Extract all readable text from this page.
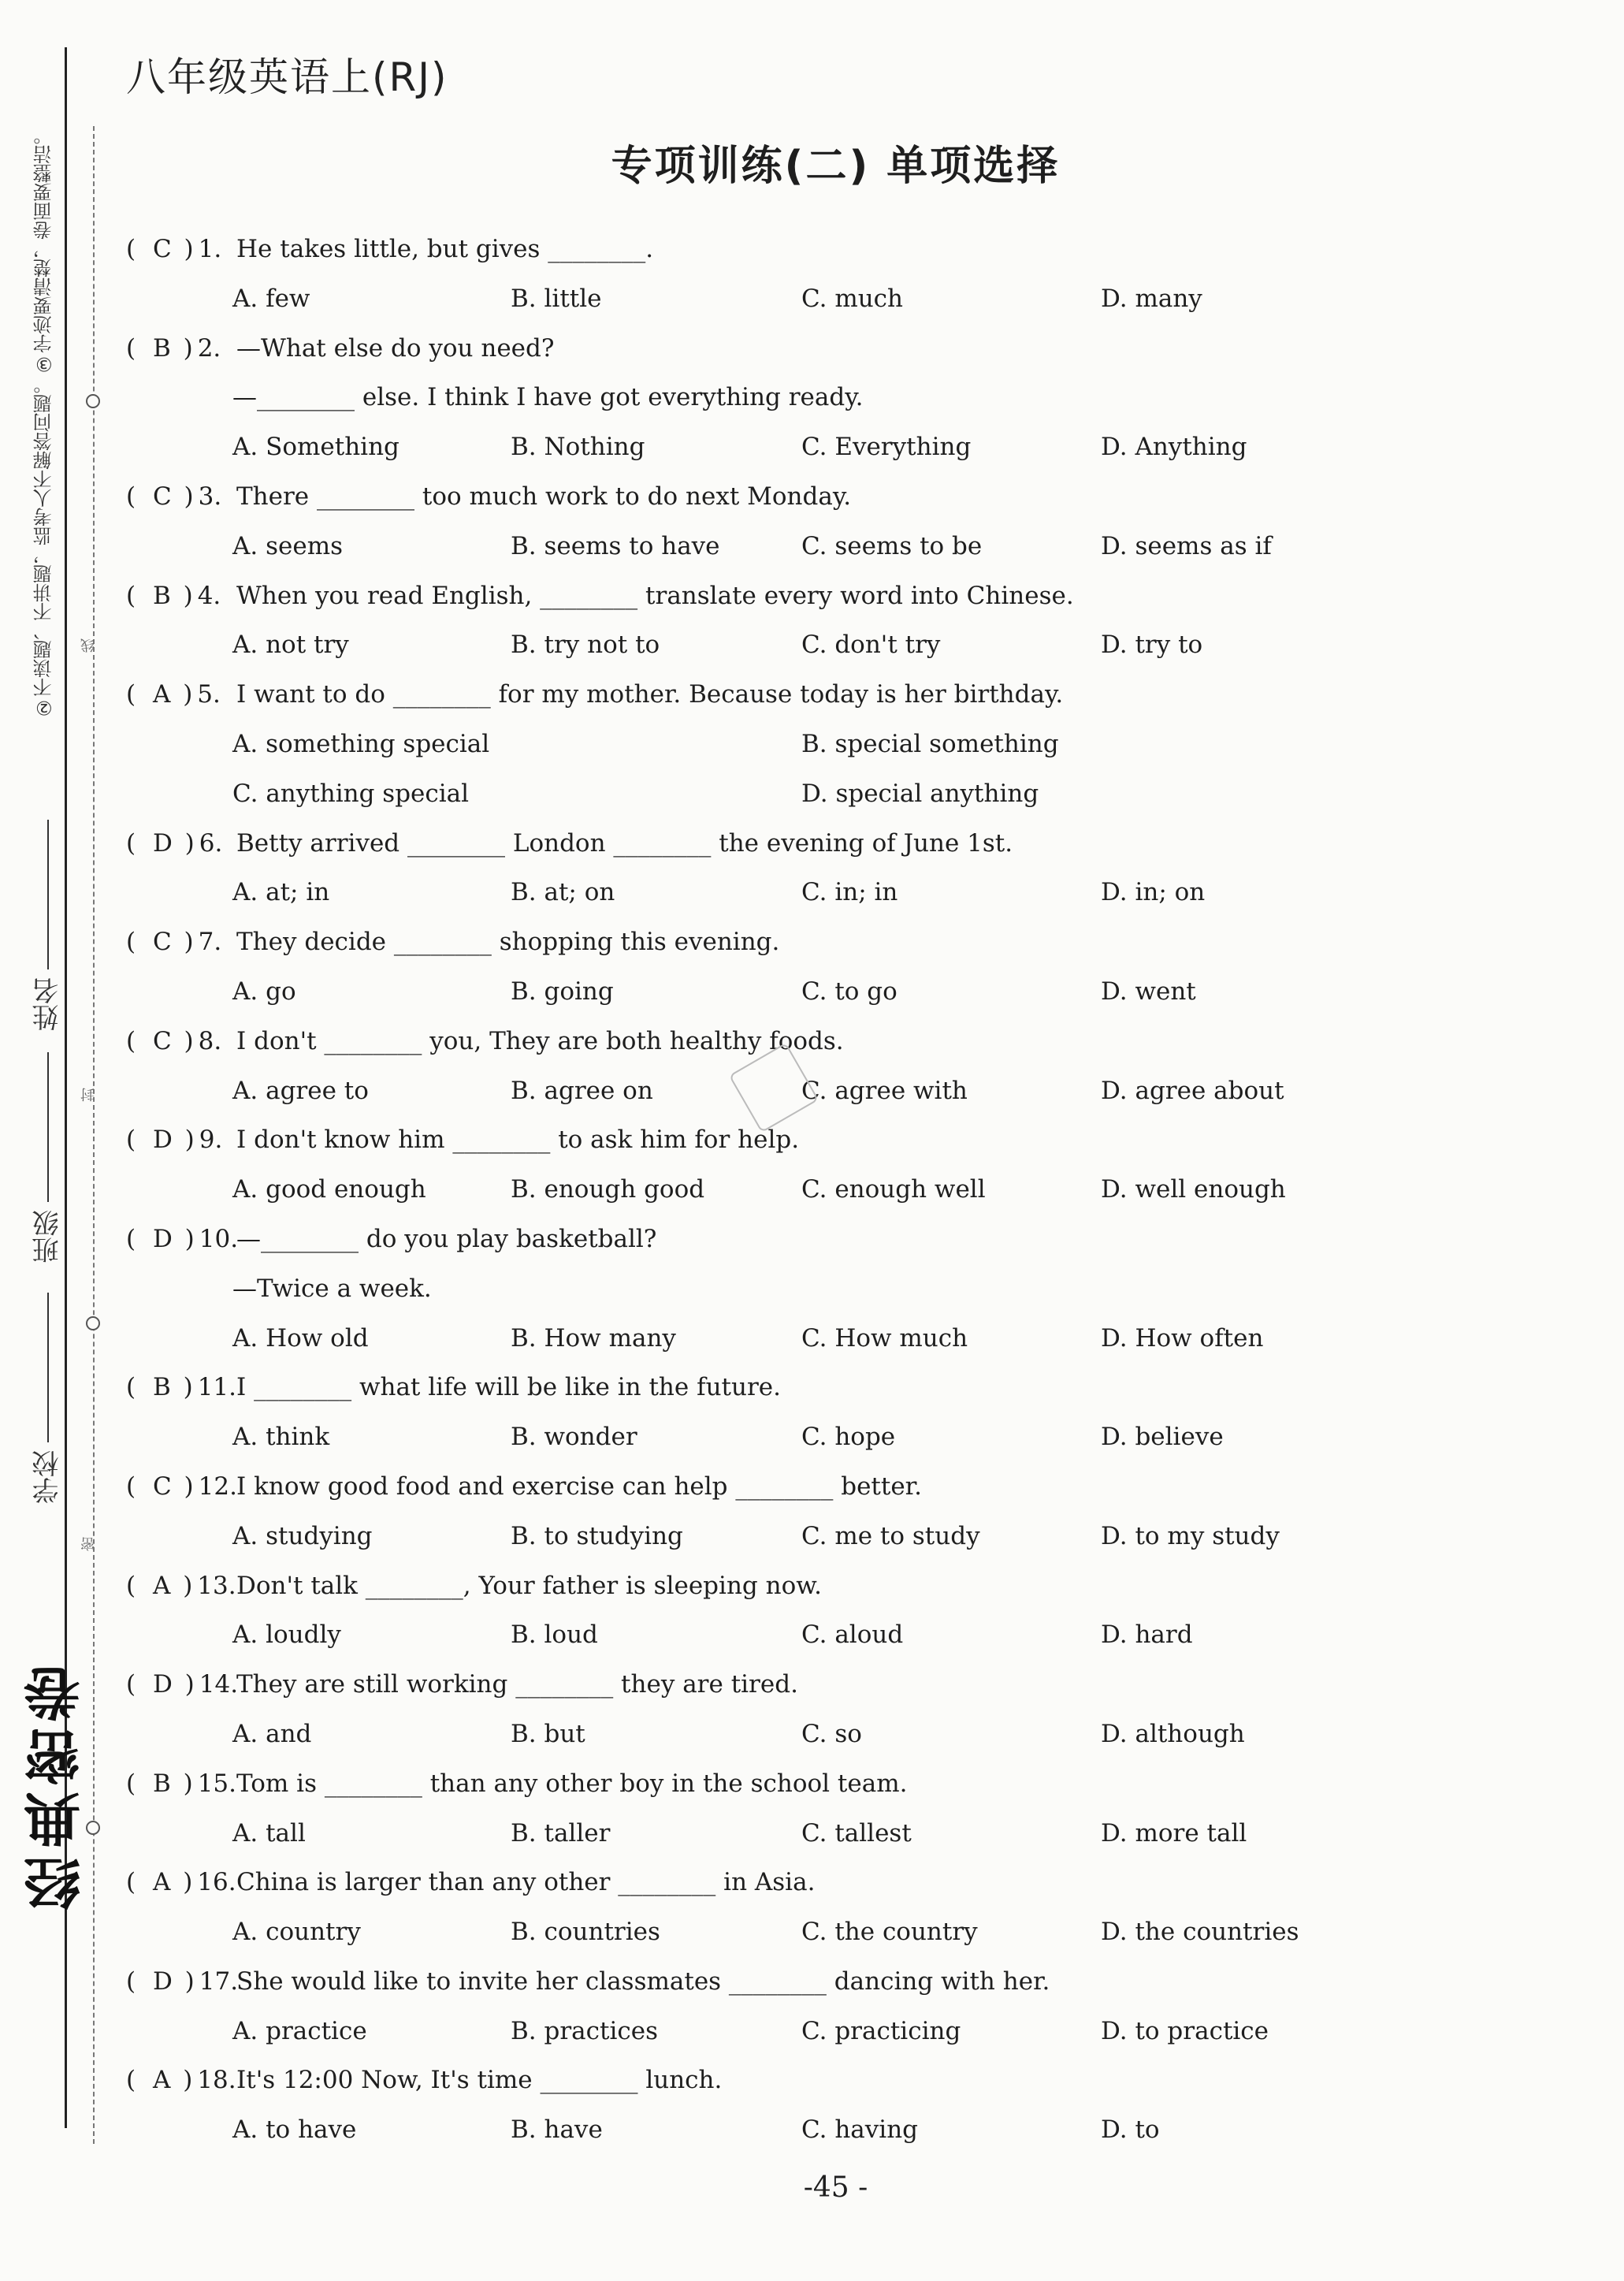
②不读题、不讲题，监考人不解答问题。③字迹要清楚，卷面要整洁。 线
封
密
姓名
班级
学校
经典密卷
八年级英语上(RJ)
专项训练(二) 单项选择
( C )1. He takes little, but gives ________.
A. few	B. little	C. much	D. many
( B )2. —What else do you need?
—________ else. I think I have got everything ready.
A. Something	B. Nothing	C. Everything	D. Anything
( C )3. There ________ too much work to do next Monday.
A. seems	B. seems to have	C. seems to be	D. seems as if
( B )4. When you read English, ________ translate every word into Chinese.
A. not try	B. try not to	C. don't try	D. try to
( A )5. I want to do ________ for my mother. Because today is her birthday.
A. something special	B. special something
C. anything special	D. special anything
( D )6. Betty arrived ________ London ________ the evening of June 1st.
A. at; in	B. at; on	C. in; in	D. in; on
( C )7. They decide ________ shopping this evening.
A. go	B. going	C. to go	D. went
( C )8. I don't ________ you, They are both healthy foods.
A. agree to	B. agree on	C. agree with	D. agree about
( D )9. I don't know him ________ to ask him for help.
A. good enough	B. enough good	C. enough well	D. well enough
( D )10.
—________ do you play basketball?
—Twice a week.
A. How old	B. How many	C. How much	D. How often
( B )11. I ________ what life will be like in the future.
A. think	B. wonder	C. hope	D. believe
( C )12. I know good food and exercise can help ________ better.
A. studying	B. to studying	C. me to study	D. to my study
( A )13. Don't talk ________, Your father is sleeping now.
A. loudly	B. loud	C. aloud	D. hard
( D )14.
They are still working ________ they are tired.
A. and	B. but	C. so	D. although
( B )15. Tom is ________ than any other boy in the school team.
A. tall	B. taller	C. tallest	D. more tall
( A )16. China is larger than any other ________ in Asia.
A. country	B. countries	C. the country	D. the countries
( D )17.
She would like to invite her classmates ________ dancing with her.
A. practice	B. practices	C. practicing	D. to practice
( A )18. It's 12:00 Now, It's time ________ lunch.
A. to have	B. have	C. having	D. to
-45 -
